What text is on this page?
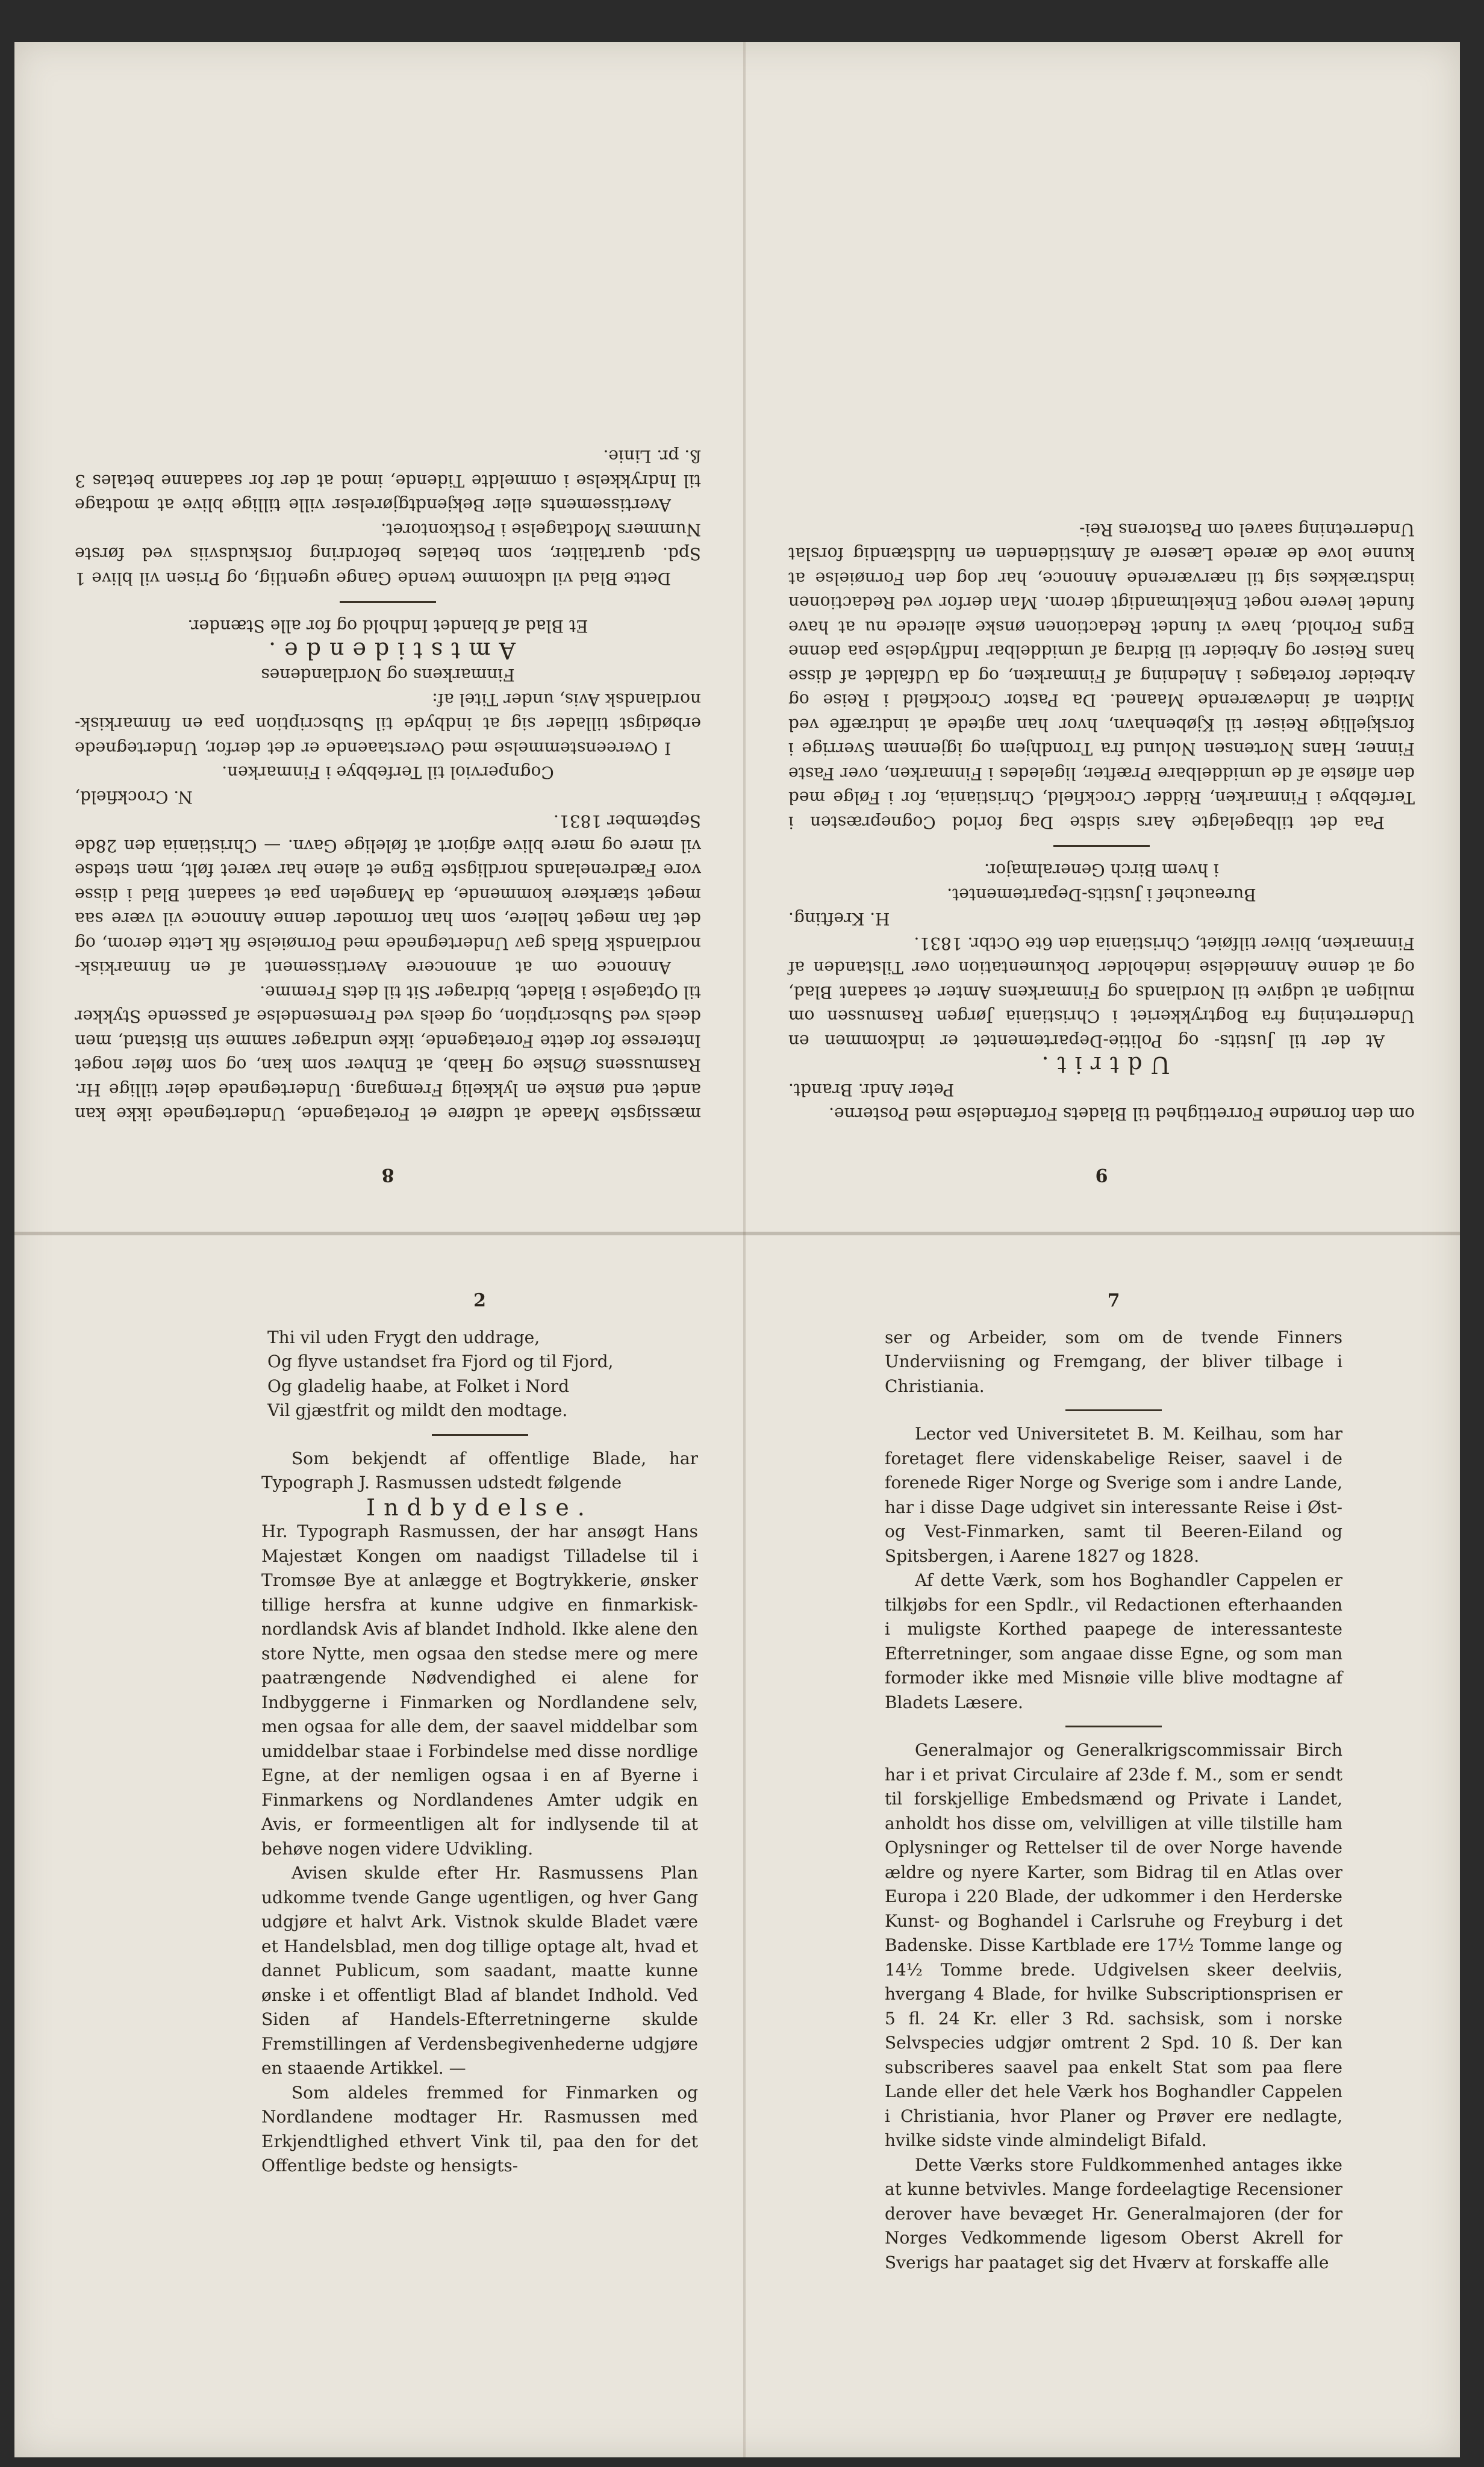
8

mæssigste Maade at udføre et Foretagende, Undertegnede ikke kan andet end ønske en lykkelig Fremgang. Undertegnede deler tillige Hr. Rasmussens Ønske og Haab, at Enhver som kan, og som føler noget Interesse for dette Foretagende, ikke undrager samme sin Bistand, men deels ved Subscription, og deels ved Fremsendelse af passende Stykker til Optagelse i Bladet, bidrager Sit til dets Fremme.

Annonce om at annoncere Avertissement af en finmarkisk-nordlandsk Blads gav Undertegnede med Fornøielse fik Lette derom, og det fan meget hellere, som han formoder denne Annonce vil være saa meget stærkere kommende, da Mangelen paa et saadant Blad i disse vore Fædrenelands nordligste Egne et alene har været følt, men stedse vil mere og mere blive afgiort at følelige Gavn. — Christiania den 28de September 1831.

N. Crockfield,

Cognperviol til Terfebbye i Finmarken.

I Overeenstemmelse med Overstaaende er det derfor, Undertegnede erbødigst tillader sig at indbyde til Subscription paa en finmarkisk-nordlandsk Avis, under Titel af:

Finmarkens og Nordlandenes

Amtstidende.

Et Blad af blandet Indhold og for alle Stænder.

Dette Blad vil udkomme tvende Gange ugentlig, og Prisen vil blive 1 Spd. quartaliter, som betales befordring forskudsviis ved første Nummers Modtagelse i Postkontoret.

Avertissements eller Bekjendtgjørelser ville tillige blive at modtage til Indrykkelse i ommeldte Tidende, imod at der for saadanne betales 3 ß. pr. Linie.

9

om den fornødne Forrettighed til Bladets Forfendelse med Posterne.

Peter Andr. Brandt.

Udtrit.

At der til Justits- og Politie-Departementet er indkommen en Underretning fra Bogtrykkeriet i Christiania Jørgen Rasmussen om muligen at udgive til Nordlands og Finmarkens Amter et saadant Blad, og at denne Anmeldelse indeholder Dokumentation over Tilstanden af Finmarken, bliver tilføiet, Christiania den 6te Octbr. 1831.

H. Krefting.

Bureauchef i Justits-Departementet.

i hvem Birch Generalmajor.

Paa det tilbagelagte Aars sidste Dag forlod Cognepræsten i Terfebbye i Finmarken, Ridder Crockfield, Christiania, for i Følge med den afløste af de umiddelbare Præfter, ligeledes i Finmarken, over Faste Finner, Hans Nortensen Nolund fra Trondhjem og igjennem Sverrige i forskjellige Reiser til Kjøbenhavn, hvor han agtede at indtræffe ved Midten af indeværende Maaned. Da Pastor Crockfield i Reise og Arbeider foretages i Anledning af Finmarken, og da Udfaldet af disse hans Reiser og Arbeider til Bidrag af umiddelbar Indflydelse paa denne Egns Forhold, have vi fundet Redactionen ønske allerede nu at have fundet levere noget Enkeltmandigt derom. Man derfor ved Redactionen indstrækkes sig til nærværende Annonce, har dog den Fornøielse at kunne love de ærede Læsere af Amtstidenden en fuldstændig forslat Underretning saavel om Pastorens Rei-

2

Thi vil uden Frygt den uddrage,

Og flyve ustandset fra Fjord og til Fjord,

Og gladelig haabe, at Folket i Nord

Vil gjæstfrit og mildt den modtage.

Som bekjendt af offentlige Blade, har Typograph J. Rasmussen udstedt følgende

Indbydelse.

Hr. Typograph Rasmussen, der har ansøgt Hans Majestæt Kongen om naadigst Tilladelse til i Tromsøe Bye at anlægge et Bogtrykkerie, ønsker tillige hersfra at kunne udgive en finmarkisk-nordlandsk Avis af blandet Indhold. Ikke alene den store Nytte, men ogsaa den stedse mere og mere paatrængende Nødvendighed ei alene for Indbyggerne i Finmarken og Nordlandene selv, men ogsaa for alle dem, der saavel middelbar som umiddelbar staae i Forbindelse med disse nordlige Egne, at der nemligen ogsaa i en af Byerne i Finmarkens og Nordlandenes Amter udgik en Avis, er formeentligen alt for indlysende til at behøve nogen videre Udvikling.

Avisen skulde efter Hr. Rasmussens Plan udkomme tvende Gange ugentligen, og hver Gang udgjøre et halvt Ark. Vistnok skulde Bladet være et Handelsblad, men dog tillige optage alt, hvad et dannet Publicum, som saadant, maatte kunne ønske i et offentligt Blad af blandet Indhold. Ved Siden af Handels-Efterretningerne skulde Fremstillingen af Verdensbegivenhederne udgjøre en staaende Artikkel. —

Som aldeles fremmed for Finmarken og Nordlandene modtager Hr. Rasmussen med Erkjendtlighed ethvert Vink til, paa den for det Offentlige bedste og hensigts-

7

ser og Arbeider, som om de tvende Finners Underviisning og Fremgang, der bliver tilbage i Christiania.

Lector ved Universitetet B. M. Keilhau, som har foretaget flere videnskabelige Reiser, saavel i de forenede Riger Norge og Sverige som i andre Lande, har i disse Dage udgivet sin interessante Reise i Øst- og Vest-Finmarken, samt til Beeren-Eiland og Spitsbergen, i Aarene 1827 og 1828.

Af dette Værk, som hos Boghandler Cappelen er tilkjøbs for een Spdlr., vil Redactionen efterhaanden i muligste Korthed paapege de interessanteste Efterretninger, som angaae disse Egne, og som man formoder ikke med Misnøie ville blive modtagne af Bladets Læsere.

Generalmajor og Generalkrigscommissair Birch har i et privat Circulaire af 23de f. M., som er sendt til forskjellige Embedsmænd og Private i Landet, anholdt hos disse om, velvilligen at ville tilstille ham Oplysninger og Rettelser til de over Norge havende ældre og nyere Karter, som Bidrag til en Atlas over Europa i 220 Blade, der udkommer i den Herderske Kunst- og Boghandel i Carlsruhe og Freyburg i det Badenske. Disse Kartblade ere 17½ Tomme lange og 14½ Tomme brede. Udgivelsen skeer deelviis, hvergang 4 Blade, for hvilke Subscriptionsprisen er 5 fl. 24 Kr. eller 3 Rd. sachsisk, som i norske Selvspecies udgjør omtrent 2 Spd. 10 ß. Der kan subscriberes saavel paa enkelt Stat som paa flere Lande eller det hele Værk hos Boghandler Cappelen i Christiania, hvor Planer og Prøver ere nedlagte, hvilke sidste vinde almindeligt Bifald.

Dette Værks store Fuldkommenhed antages ikke at kunne betvivles. Mange fordeelagtige Recensioner derover have bevæget Hr. Generalmajoren (der for Norges Vedkommende ligesom Oberst Akrell for Sverigs har paataget sig det Hværv at forskaffe alle
